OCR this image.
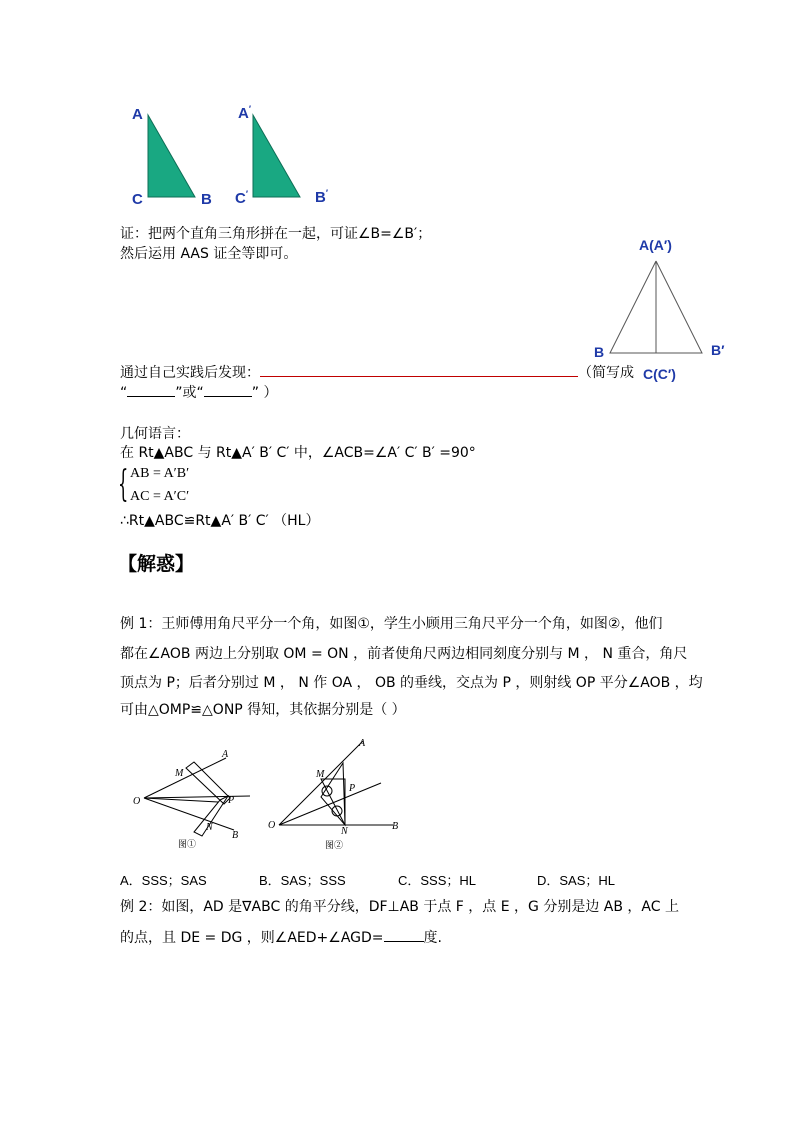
A
C	B
A′
C′	B′
证：把两个直角三角形拼在一起，可证∠B=∠B′；
然后运用 AAS 证全等即可。
A(A′)
B	B′
C(C′)
通过自己实践后发现：	（简写成
“	”或“	” ）
几何语言：
在 Rt▲ABC 与 Rt▲A′ B′ C′ 中，∠ACB=∠A′ C′ B′ =90°
{ AB = A′B′
AC = A′C′
∴Rt▲ABC≌Rt▲A′ B′ C′ （HL）
【解惑】
例 1：王师傅用角尺平分一个角，如图①，学生小顾用三角尺平分一个角，如图②，他们
都在∠AOB 两边上分别取 OM = ON ，前者使角尺两边相同刻度分别与 M ， N 重合，角尺
顶点为 P；后者分别过 M ， N 作 OA ， OB 的垂线，交点为 P ，则射线 OP 平分∠AOB ，均
可由△OMP≌△ONP 得知，其依据分别是（ ）
O
A
B
M
N
P
图①
O
A
B
M
N
P
图②
A．SSS；SAS	B．SAS；SSS	C．SSS；HL	D．SAS；HL
例 2：如图，AD 是∇ABC 的角平分线，DF⊥AB 于点 F ，点 E ，G 分别是边 AB ，AC 上
的点，且 DE = DG ，则∠AED+∠AGD=	度.
